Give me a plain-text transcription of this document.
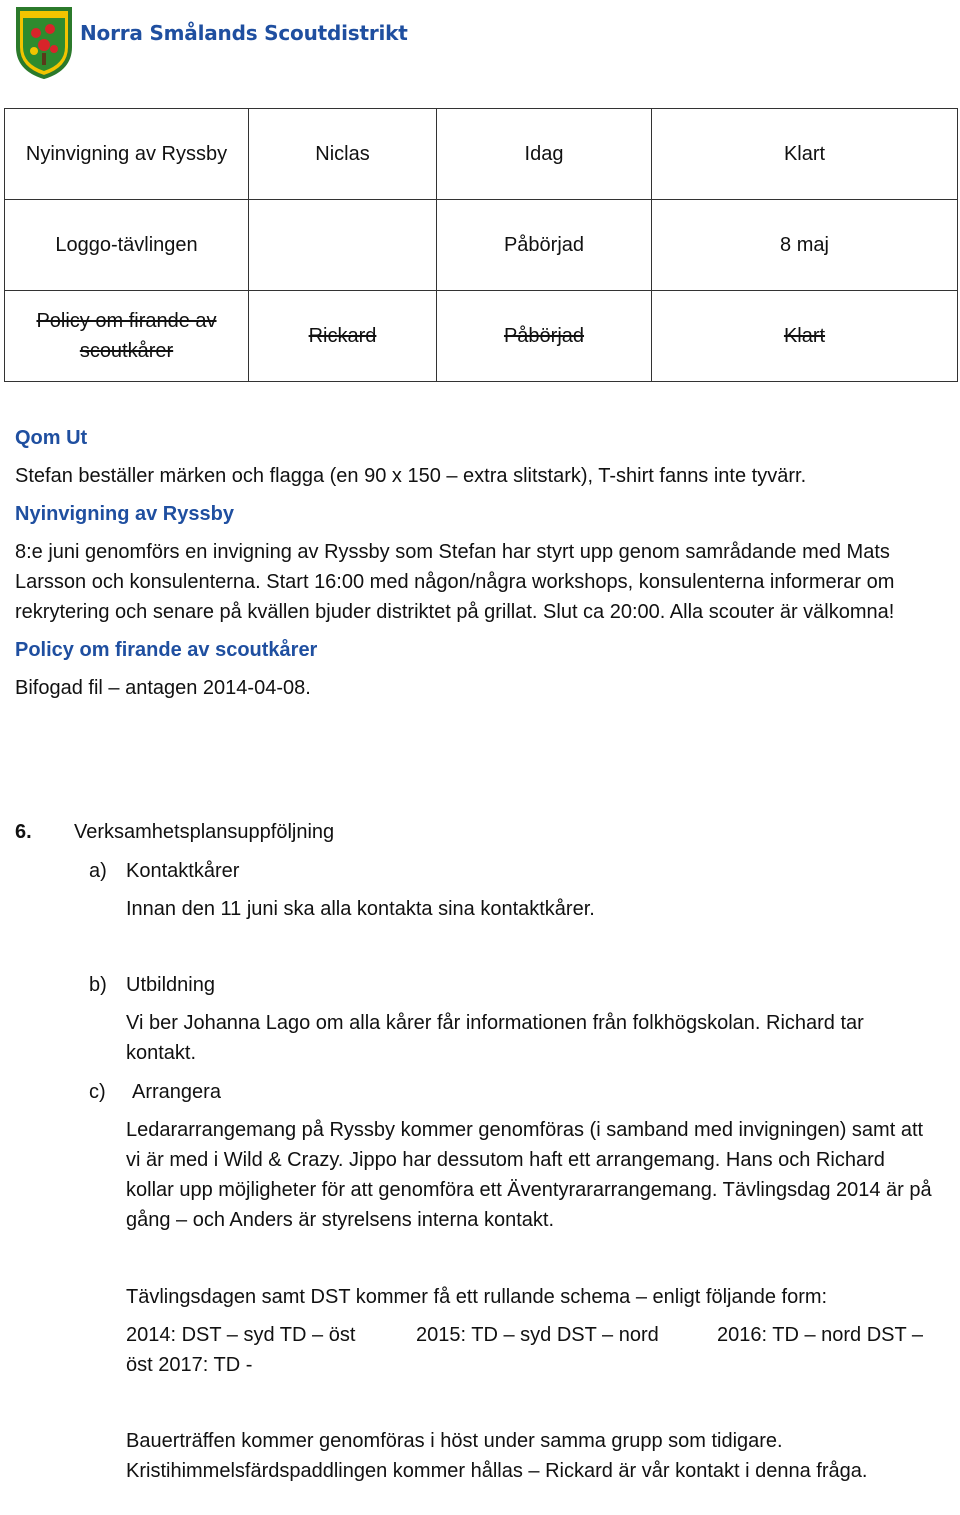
Norra Smålands Scoutdistrikt
Nyinvigning av Ryssby	Niclas	Idag	Klart
Loggo-tävlingen		Påbörjad	8 maj
Policy om firande av scoutkårer	Rickard	Påbörjad	Klart
Qom Ut
Stefan beställer märken och flagga (en 90 x 150 – extra slitstark), T-shirt fanns inte tyvärr.
Nyinvigning av Ryssby
8:e juni genomförs en invigning av Ryssby som Stefan har styrt upp genom samrådande med Mats Larsson och konsulenterna. Start 16:00 med någon/några workshops, konsulenterna informerar om rekrytering och senare på kvällen bjuder distriktet på grillat. Slut ca 20:00. Alla scouter är välkomna!
Policy om firande av scoutkårer
Bifogad fil – antagen 2014-04-08.
6. Verksamhetsplansuppföljning
a) Kontaktkårer
Innan den 11 juni ska alla kontakta sina kontaktkårer.
b) Utbildning
Vi ber Johanna Lago om alla kårer får informationen från folkhögskolan. Richard tar kontakt.
c) Arrangera
Ledararrangemang på Ryssby kommer genomföras (i samband med invigningen) samt att vi är med i Wild & Crazy. Jippo har dessutom haft ett arrangemang. Hans och Richard kollar upp möjligheter för att genomföra ett Äventyrararrangemang. Tävlingsdag 2014 är på gång – och Anders är styrelsens interna kontakt.
Tävlingsdagen samt DST kommer få ett rullande schema – enligt följande form:
2014: DST – syd TD – öst	2015: TD – syd DST – nord	2016: TD – nord DST –
öst 2017: TD -
Bauerträffen kommer genomföras i höst under samma grupp som tidigare. Kristihimmelsfärdspaddlingen kommer hållas – Rickard är vår kontakt i denna fråga.
